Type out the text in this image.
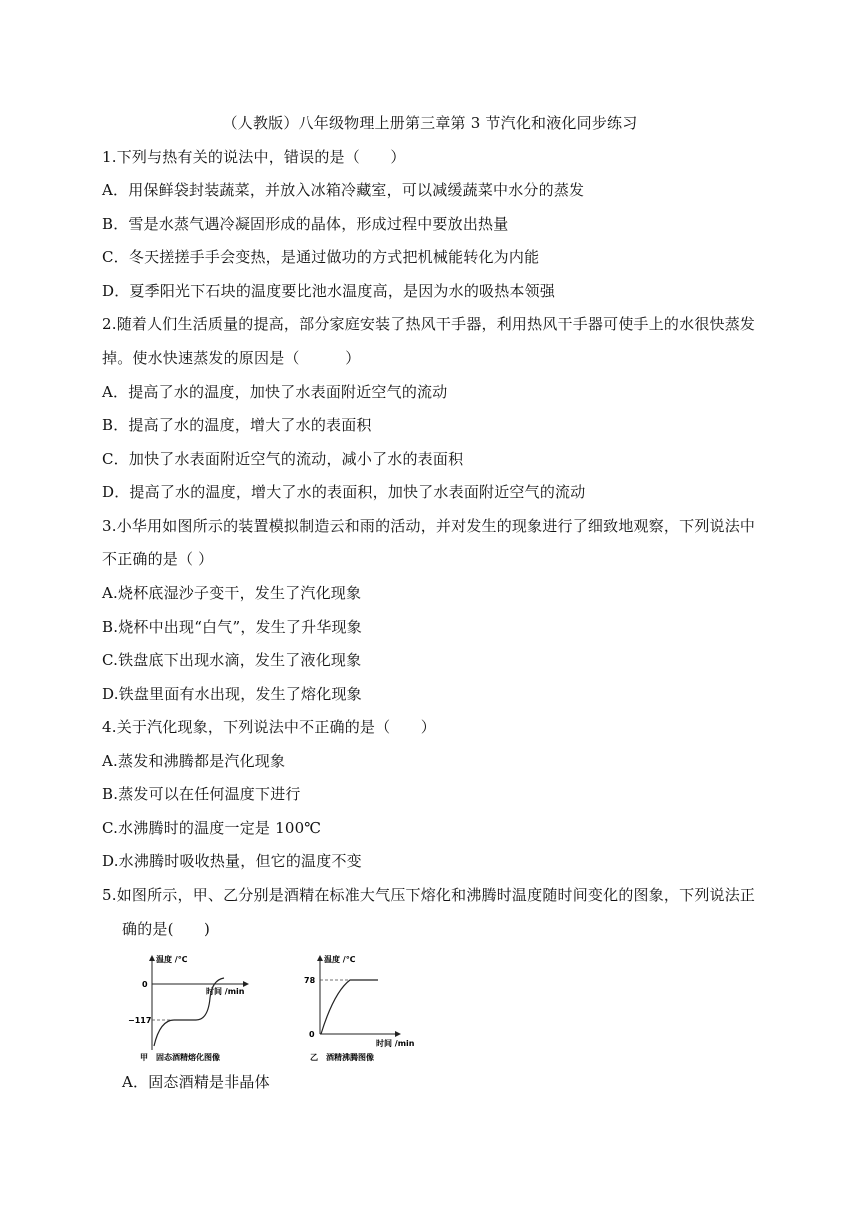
（人教版）八年级物理上册第三章第 3 节汽化和液化同步练习
1.下列与热有关的说法中，错误的是（　　）
A．用保鲜袋封装蔬菜，并放入冰箱冷藏室，可以减缓蔬菜中水分的蒸发
B．雪是水蒸气遇冷凝固形成的晶体，形成过程中要放出热量
C．冬天搓搓手手会变热，是通过做功的方式把机械能转化为内能
D．夏季阳光下石块的温度要比池水温度高，是因为水的吸热本领强
2.随着人们生活质量的提高，部分家庭安装了热风干手器，利用热风干手器可使手上的水很快蒸发
掉。使水快速蒸发的原因是（　　　）
A．提高了水的温度，加快了水表面附近空气的流动
B．提高了水的温度，增大了水的表面积
C．加快了水表面附近空气的流动，减小了水的表面积
D．提高了水的温度，增大了水的表面积，加快了水表面附近空气的流动
3.小华用如图所示的装置模拟制造云和雨的活动，并对发生的现象进行了细致地观察，下列说法中
不正确的是（ ）
A.烧杯底湿沙子变干，发生了汽化现象
B.烧杯中出现“白气”，发生了升华现象
C.铁盘底下出现水滴，发生了液化现象
D.铁盘里面有水出现，发生了熔化现象
4.关于汽化现象，下列说法中不正确的是（　　）
A.蒸发和沸腾都是汽化现象
B.蒸发可以在任何温度下进行
C.水沸腾时的温度一定是 100℃
D.水沸腾时吸收热量，但它的温度不变
5.如图所示，甲、乙分别是酒精在标准大气压下熔化和沸腾时温度随时间变化的图象，下列说法正
确的是(　　)
温度 /℃
时间 /min
0
−117
甲　固态酒精熔化图像
温度 /℃
时间 /min
0
78
乙　酒精沸腾图像
A．固态酒精是非晶体
